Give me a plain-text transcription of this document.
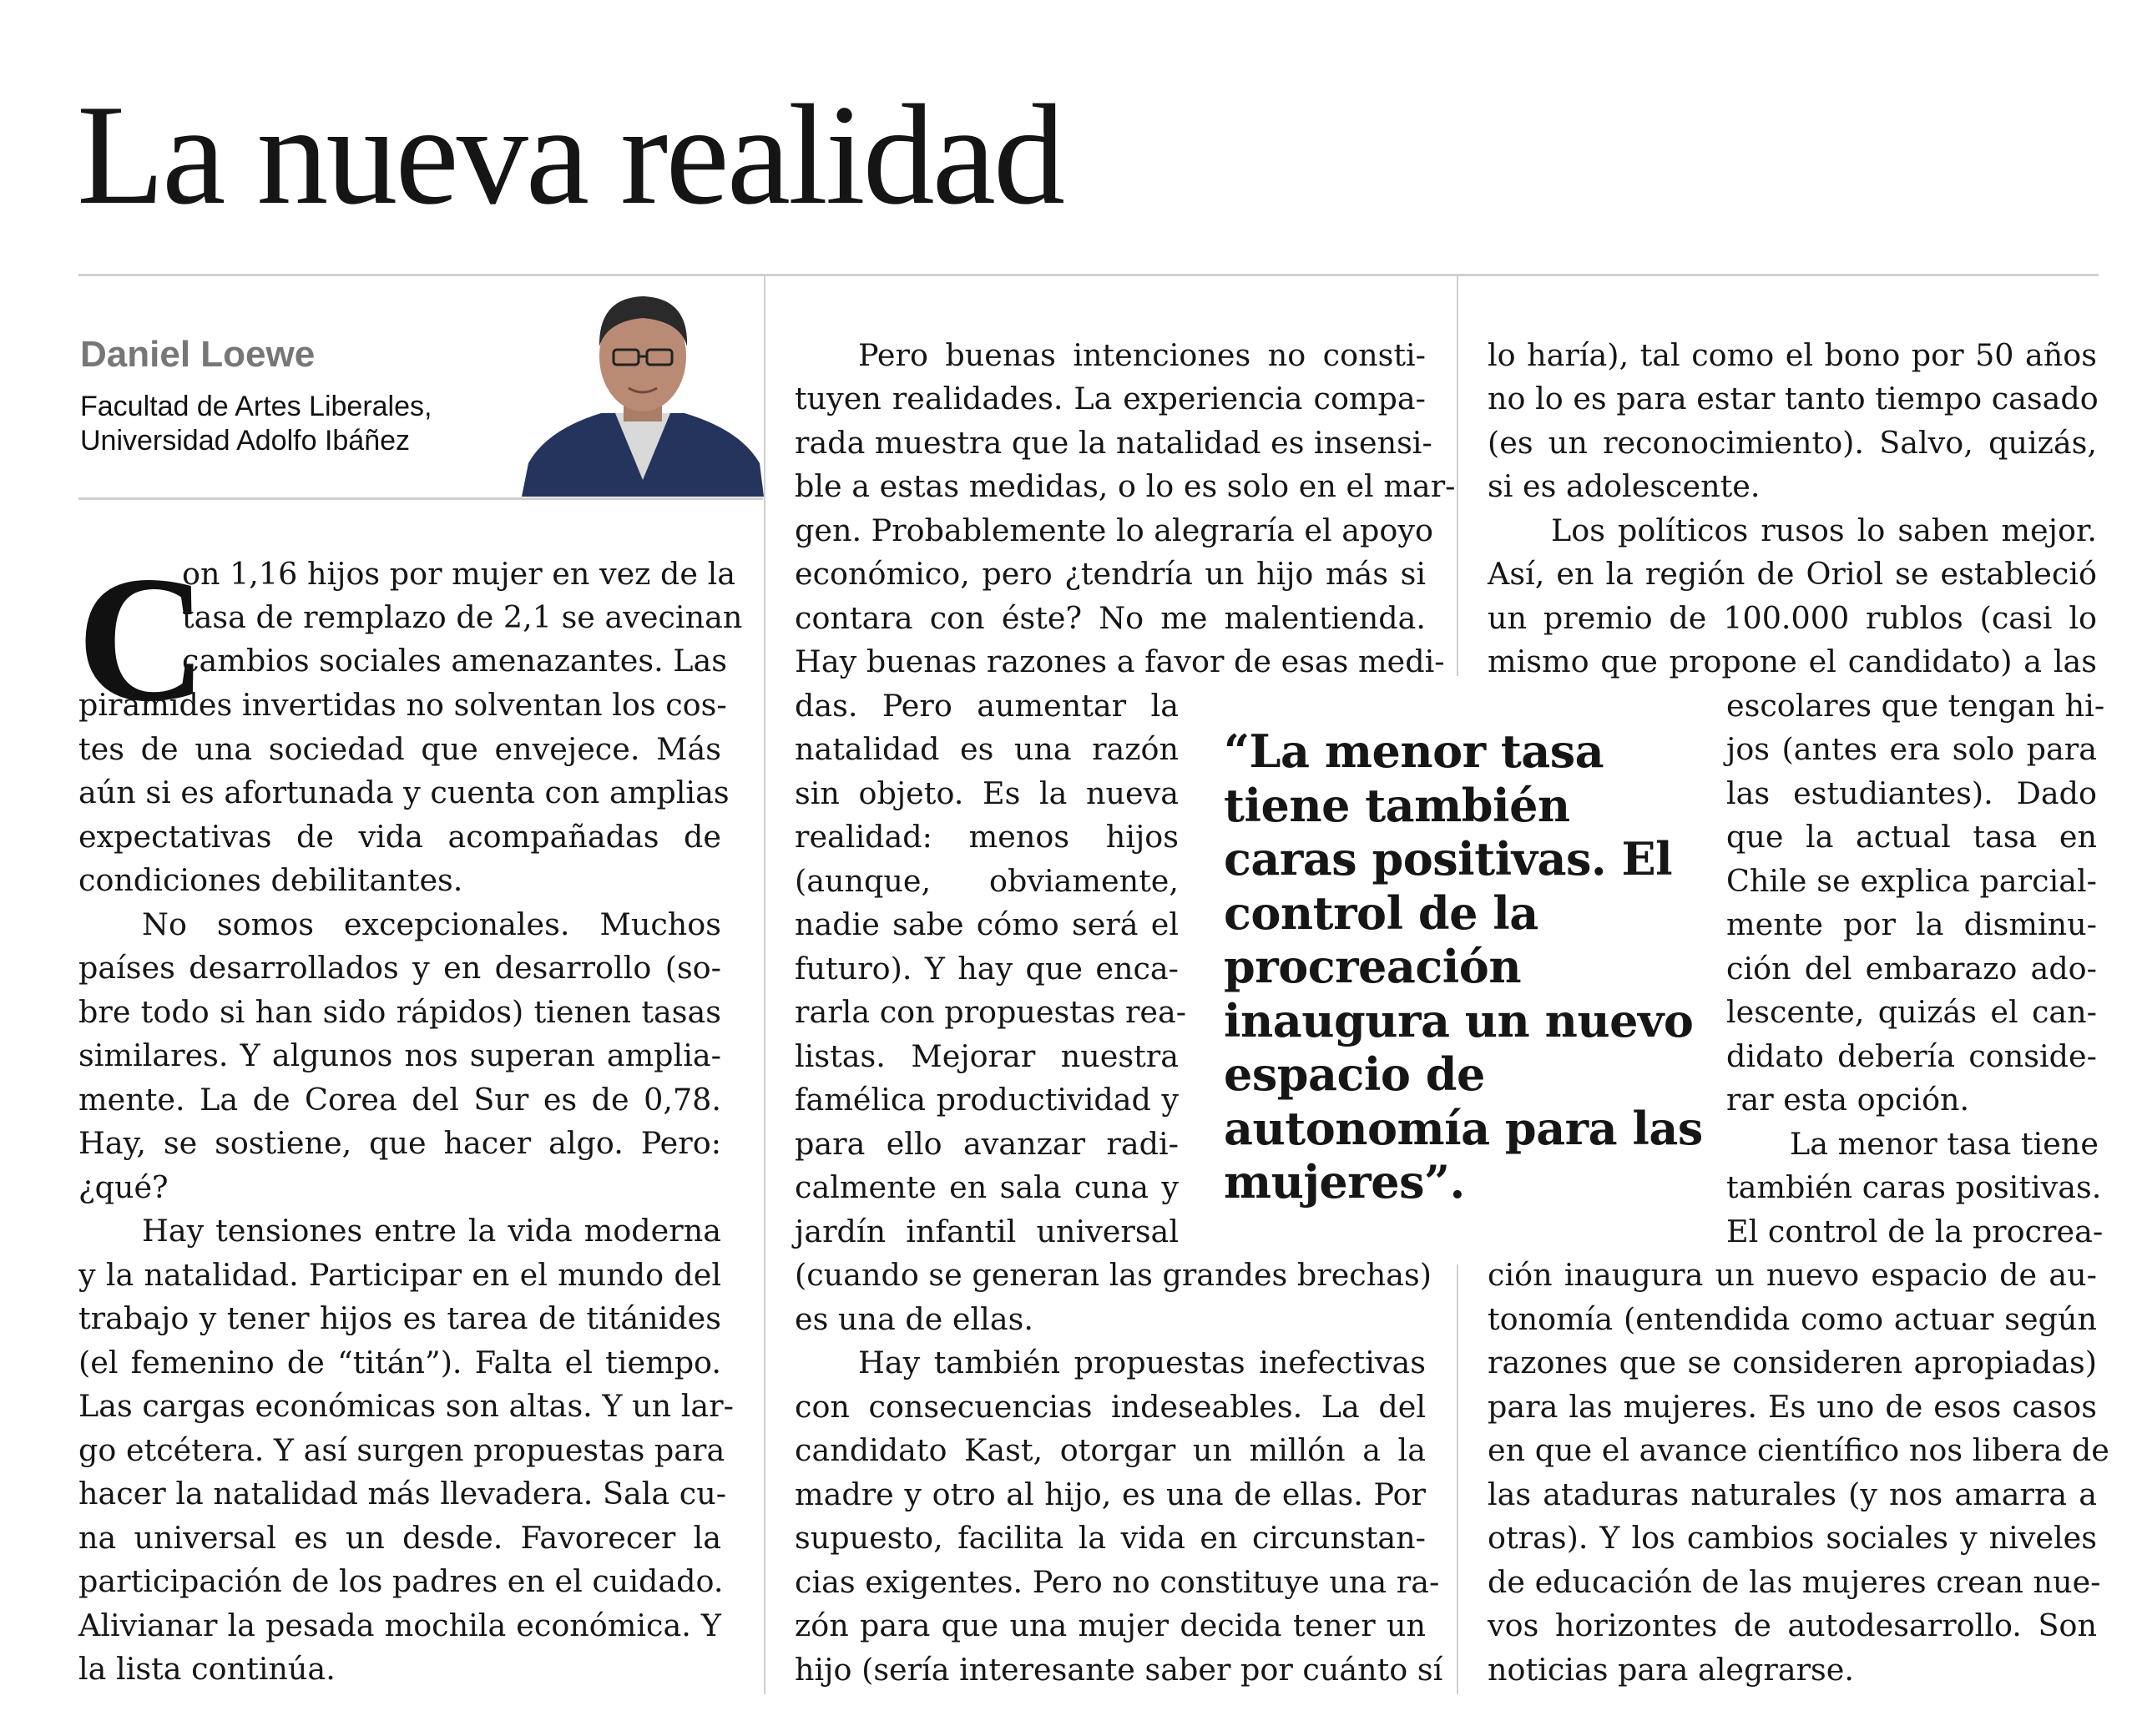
La nueva realidad
Daniel Loewe
Facultad de Artes Liberales,
Universidad Adolfo Ibáñez
C
on 1,16 hijos por mujer en vez de la
tasa de remplazo de 2,1 se avecinan
cambios sociales amenazantes. Las
pirámides invertidas no solventan los cos-
tes de una sociedad que envejece. Más
aún si es afortunada y cuenta con amplias
expectativas de vida acompañadas de
condiciones debilitantes.
No somos excepcionales. Muchos
países desarrollados y en desarrollo (so-
bre todo si han sido rápidos) tienen tasas
similares. Y algunos nos superan amplia-
mente. La de Corea del Sur es de 0,78.
Hay, se sostiene, que hacer algo. Pero:
¿qué?
Hay tensiones entre la vida moderna
y la natalidad. Participar en el mundo del
trabajo y tener hijos es tarea de titánides
(el femenino de “titán”). Falta el tiempo.
Las cargas económicas son altas. Y un lar-
go etcétera. Y así surgen propuestas para
hacer la natalidad más llevadera. Sala cu-
na universal es un desde. Favorecer la
participación de los padres en el cuidado.
Alivianar la pesada mochila económica. Y
la lista continúa.
Pero buenas intenciones no consti-
tuyen realidades. La experiencia compa-
rada muestra que la natalidad es insensi-
ble a estas medidas, o lo es solo en el mar-
gen. Probablemente lo alegraría el apoyo
económico, pero ¿tendría un hijo más si
contara con éste? No me malentienda.
Hay buenas razones a favor de esas medi-
das. Pero aumentar la
natalidad es una razón
sin objeto. Es la nueva
realidad: menos hijos
(aunque, obviamente,
nadie sabe cómo será el
futuro). Y hay que enca-
rarla con propuestas rea-
listas. Mejorar nuestra
famélica productividad y
para ello avanzar radi-
calmente en sala cuna y
jardín infantil universal
(cuando se generan las grandes brechas)
es una de ellas.
Hay también propuestas inefectivas
con consecuencias indeseables. La del
candidato Kast, otorgar un millón a la
madre y otro al hijo, es una de ellas. Por
supuesto, facilita la vida en circunstan-
cias exigentes. Pero no constituye una ra-
zón para que una mujer decida tener un
hijo (sería interesante saber por cuánto sí
“La menor tasa
tiene también
caras positivas. El
control de la
procreación
inaugura un nuevo
espacio de
autonomía para las
mujeres”.
lo haría), tal como el bono por 50 años
no lo es para estar tanto tiempo casado
(es un reconocimiento). Salvo, quizás,
si es adolescente.
Los políticos rusos lo saben mejor.
Así, en la región de Oriol se estableció
un premio de 100.000 rublos (casi lo
mismo que propone el candidato) a las
escolares que tengan hi-
jos (antes era solo para
las estudiantes). Dado
que la actual tasa en
Chile se explica parcial-
mente por la disminu-
ción del embarazo ado-
lescente, quizás el can-
didato debería conside-
rar esta opción.
La menor tasa tiene
también caras positivas.
El control de la procrea-
ción inaugura un nuevo espacio de au-
tonomía (entendida como actuar según
razones que se consideren apropiadas)
para las mujeres. Es uno de esos casos
en que el avance científico nos libera de
las ataduras naturales (y nos amarra a
otras). Y los cambios sociales y niveles
de educación de las mujeres crean nue-
vos horizontes de autodesarrollo. Son
noticias para alegrarse.
